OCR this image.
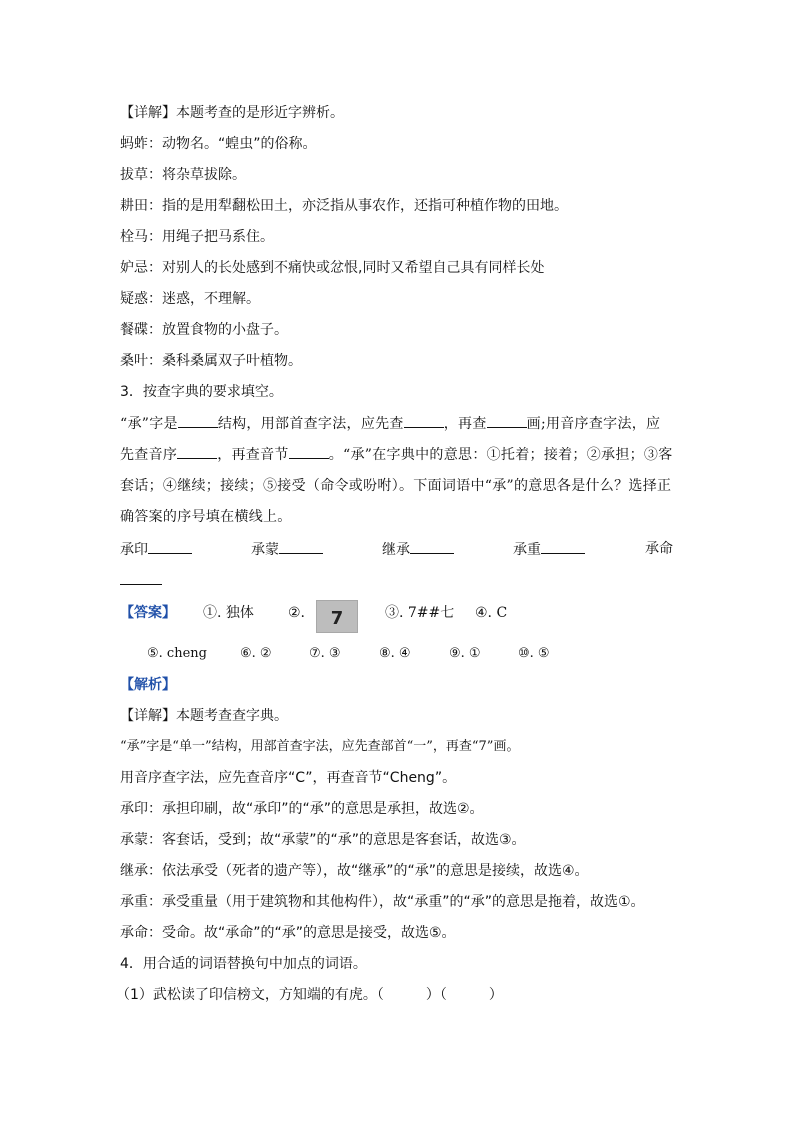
【详解】本题考查的是形近字辨析。
蚂蚱：动物名。“蝗虫”的俗称。
拔草：将杂草拔除。
耕田：指的是用犁翻松田土，亦泛指从事农作，还指可种植作物的田地。
栓马：用绳子把马系住。
妒忌：对别人的长处感到不痛快或忿恨,同时又希望自己具有同样长处
疑惑：迷惑，不理解。
餐碟：放置食物的小盘子。
桑叶：桑科桑属双子叶植物。
3．按查字典的要求填空。
“承”字是	结构，用部首查字法，应先查	，再查	画;用音序查字法，应
先查音序	，再查音节	。“承”在字典中的意思：①托着；接着；②承担；③客
套话；④继续；接续；⑤接受（命令或吩咐）。下面词语中“承”的意思各是什么？选择正
确答案的序号填在横线上。
承印	承蒙	继承	承重	承命
【答案】 ①. 独体 ②.	7	③. 7##七 ④. C
⑤. cheng	⑥. ②	⑦. ③	⑧. ④	⑨. ①	⑩. ⑤
【解析】
【详解】本题考查查字典。
“承”字是“单一”结构，用部首查字法，应先查部首“一”，再查“7”画。
用音序查字法，应先查音序“C”，再查音节“Cheng”。
承印：承担印刷，故“承印”的“承”的意思是承担，故选②。
承蒙：客套话，受到；故“承蒙”的“承”的意思是客套话，故选③。
继承：依法承受（死者的遗产等），故“继承”的“承”的意思是接续，故选④。
承重：承受重量（用于建筑物和其他构件），故“承重”的“承”的意思是拖着，故选①。
承命：受命。故“承命”的“承”的意思是接受，故选⑤。
4．用合适的词语替换句中加点的词语。
（1）武松读了印信榜文，方知端的有虎。（　　　）（　　　）
